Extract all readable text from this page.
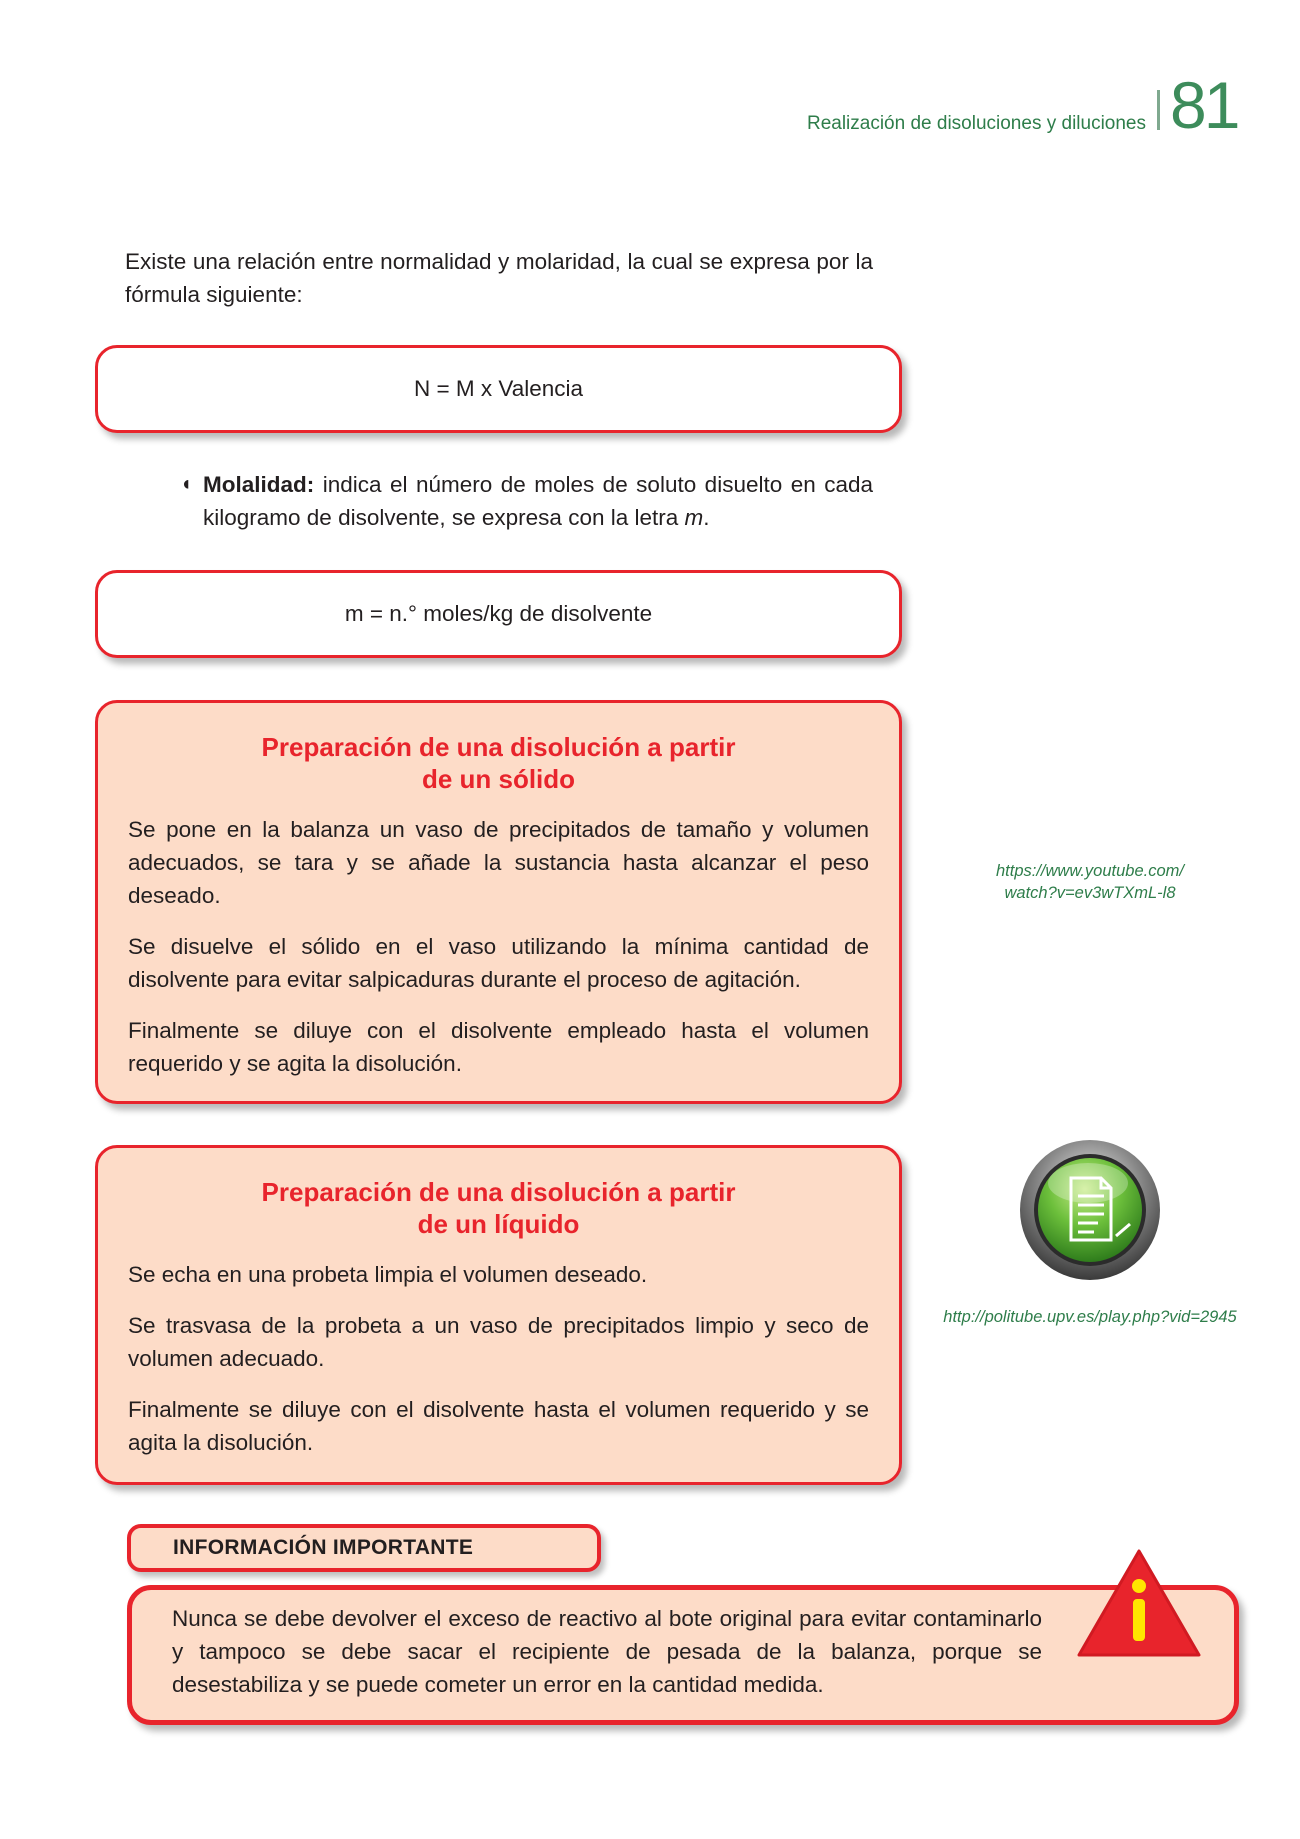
Realización de disoluciones y diluciones 81

Existe una relación entre normalidad y molaridad, la cual se expresa por la fórmula siguiente:

N = M x Valencia
◖ Molalidad: indica el número de moles de soluto disuelto en cada kilogramo de disolvente, se expresa con la letra m.

m = n.° moles/kg de disolvente
Preparación de una disolución a partir
de un sólido

Se pone en la balanza un vaso de precipitados de tamaño y volumen adecuados, se tara y se añade la sustancia hasta alcanzar el peso deseado.

Se disuelve el sólido en el vaso utilizando la mínima cantidad de disolvente para evitar salpicaduras durante el proceso de agitación.

Finalmente se diluye con el disolvente empleado hasta el volumen requerido y se agita la disolución.

https://www.youtube.com/
watch?v=ev3wTXmL-l8
Preparación de una disolución a partir
de un líquido

Se echa en una probeta limpia el volumen deseado.

Se trasvasa de la probeta a un vaso de precipitados limpio y seco de volumen adecuado.

Finalmente se diluye con el disolvente hasta el volumen requerido y se agita la disolución.

http://politube.upv.es/play.php?vid=2945
INFORMACIÓN IMPORTANTE

Nunca se debe devolver el exceso de reactivo al bote original para evitar contaminarlo y tampoco se debe sacar el recipiente de pesada de la balanza, porque se desestabiliza y se puede cometer un error en la cantidad medida.
